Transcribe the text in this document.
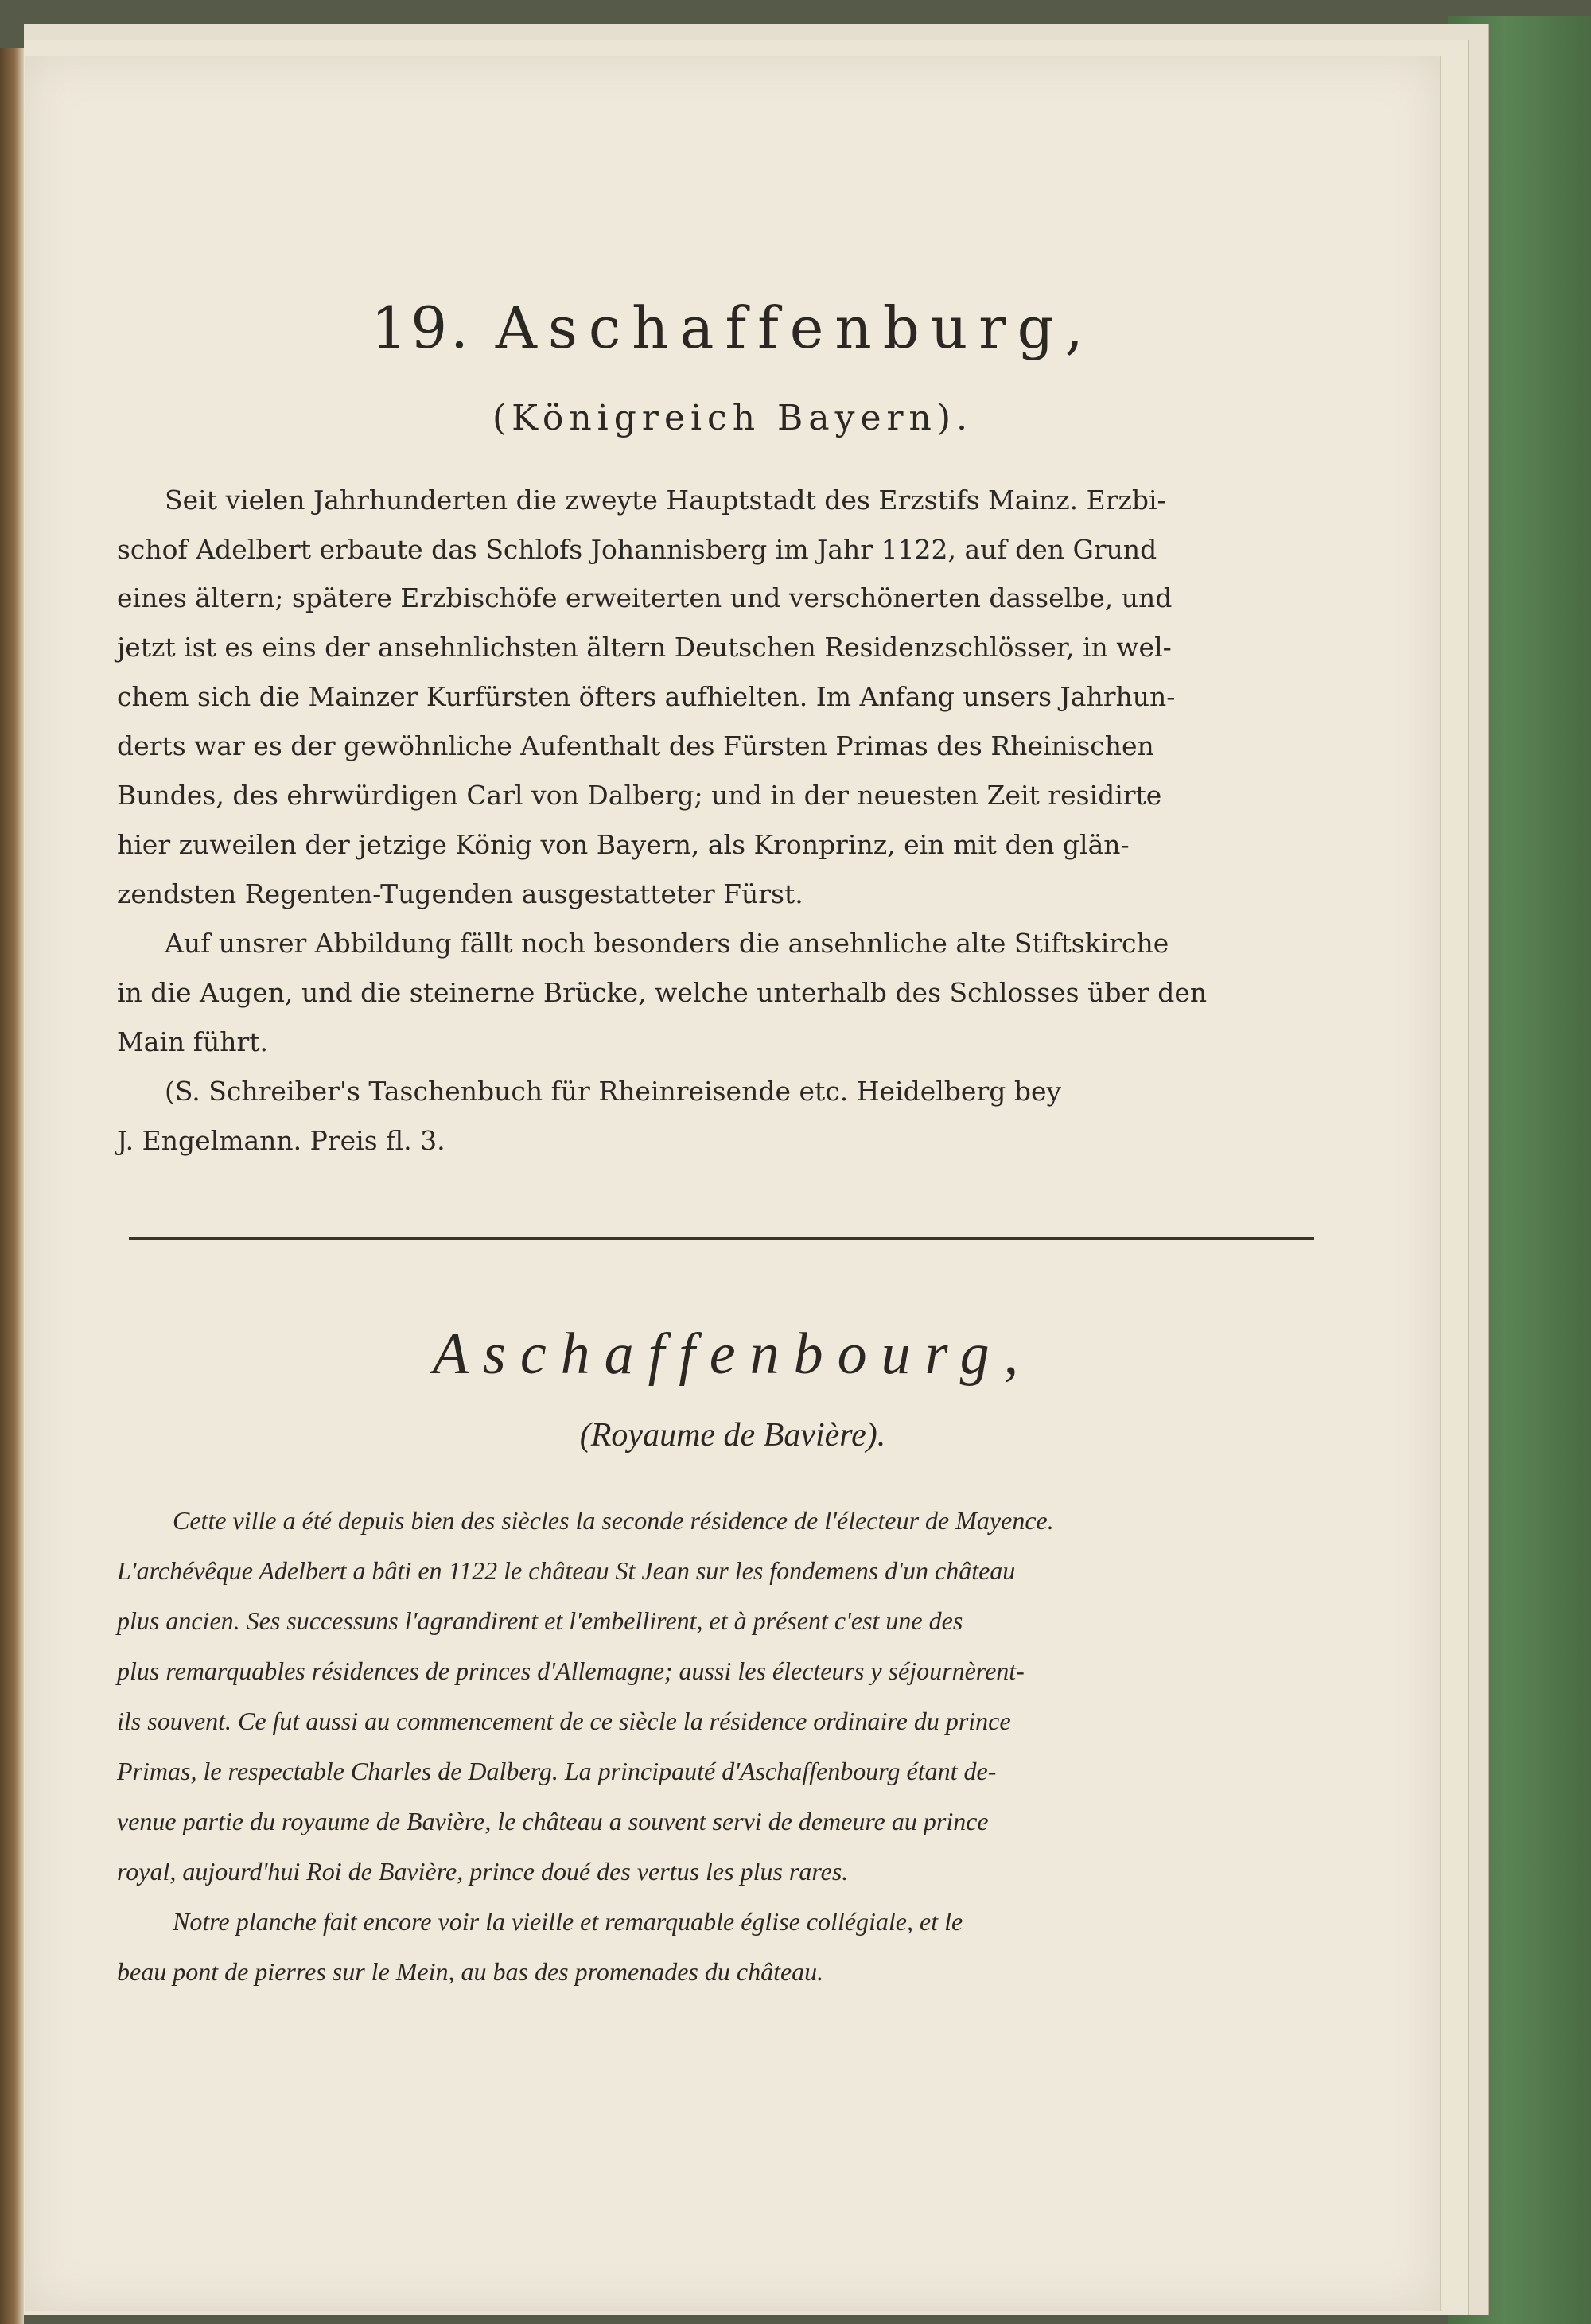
19. Aschaffenburg,
(Königreich Bayern).
Seit vielen Jahrhunderten die zweyte Hauptstadt des Erzstifs Mainz. Erzbi-
schof Adelbert erbaute das Schlofs Johannisberg im Jahr 1122, auf den Grund
eines ältern; spätere Erzbischöfe erweiterten und verschönerten dasselbe, und
jetzt ist es eins der ansehnlichsten ältern Deutschen Residenzschlösser, in wel-
chem sich die Mainzer Kurfürsten öfters aufhielten. Im Anfang unsers Jahrhun-
derts war es der gewöhnliche Aufenthalt des Fürsten Primas des Rheinischen
Bundes, des ehrwürdigen Carl von Dalberg; und in der neuesten Zeit residirte
hier zuweilen der jetzige König von Bayern, als Kronprinz, ein mit den glän-
zendsten Regenten-Tugenden ausgestatteter Fürst.
Auf unsrer Abbildung fällt noch besonders die ansehnliche alte Stiftskirche
in die Augen, und die steinerne Brücke, welche unterhalb des Schlosses über den
Main führt.
(S. Schreiber's Taschenbuch für Rheinreisende etc. Heidelberg bey
J. Engelmann. Preis fl. 3.
Aschaffenbourg,
(Royaume de Bavière).
Cette ville a été depuis bien des siècles la seconde résidence de l'électeur de Mayence.
L'archévêque Adelbert a bâti en 1122 le château St Jean sur les fondemens d'un château
plus ancien. Ses successuns l'agrandirent et l'embellirent, et à présent c'est une des
plus remarquables résidences de princes d'Allemagne; aussi les électeurs y séjournèrent-
ils souvent. Ce fut aussi au commencement de ce siècle la résidence ordinaire du prince
Primas, le respectable Charles de Dalberg. La principauté d'Aschaffenbourg étant de-
venue partie du royaume de Bavière, le château a souvent servi de demeure au prince
royal, aujourd'hui Roi de Bavière, prince doué des vertus les plus rares.
Notre planche fait encore voir la vieille et remarquable église collégiale, et le
beau pont de pierres sur le Mein, au bas des promenades du château.
